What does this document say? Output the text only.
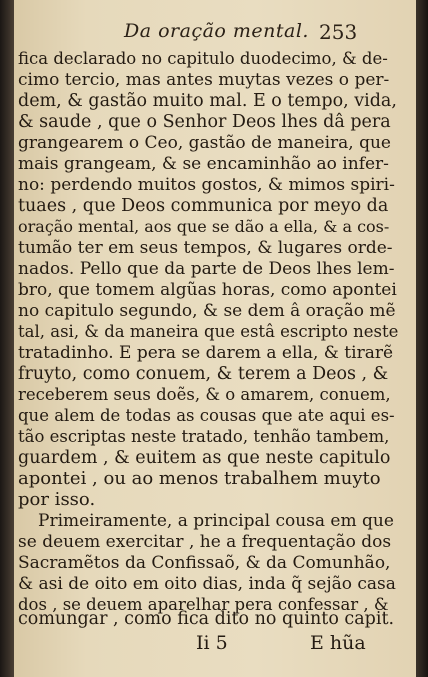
Da oração mental. 253
fica declarado no capitulo duodecimo, & de-
cimo tercio, mas antes muytas vezes o per-
dem, & gastão muito mal. E o tempo, vida,
& saude , que o Senhor Deos lhes dâ pera
grangearem o Ceo, gastão de maneira, que
mais grangeam, & se encaminhão ao infer-
no: perdendo muitos gostos, & mimos spiri-
tuaes , que Deos communica por meyo da
oração mental, aos que se dão a ella, & a cos-
tumão ter em seus tempos, & lugares orde-
nados. Pello que da parte de Deos lhes lem-
bro, que tomem algũas horas, como apontei
no capitulo segundo, & se dem â oração mẽ
tal, asi, & da maneira que estâ escripto neste
tratadinho. E pera se darem a ella, & tirarẽ
fruyto, como conuem, & terem a Deos , &
receberem seus doẽs, & o amarem, conuem,
que alem de todas as cousas que ate aqui es-
tão escriptas neste tratado, tenhão tambem,
guardem , & euitem as que neste capitulo
apontei , ou ao menos trabalhem muyto
por isso.
Primeiramente, a principal cousa em que
se deuem exercitar , he a frequentação dos
Sacramẽtos da Confissaõ, & da Comunhão,
& asi de oito em oito dias, inda q̃ sejão casa
dos , se deuem aparelhar pera confessar , &
comungar , como fica dito no quinto capit.
Ii 5	E hũa
